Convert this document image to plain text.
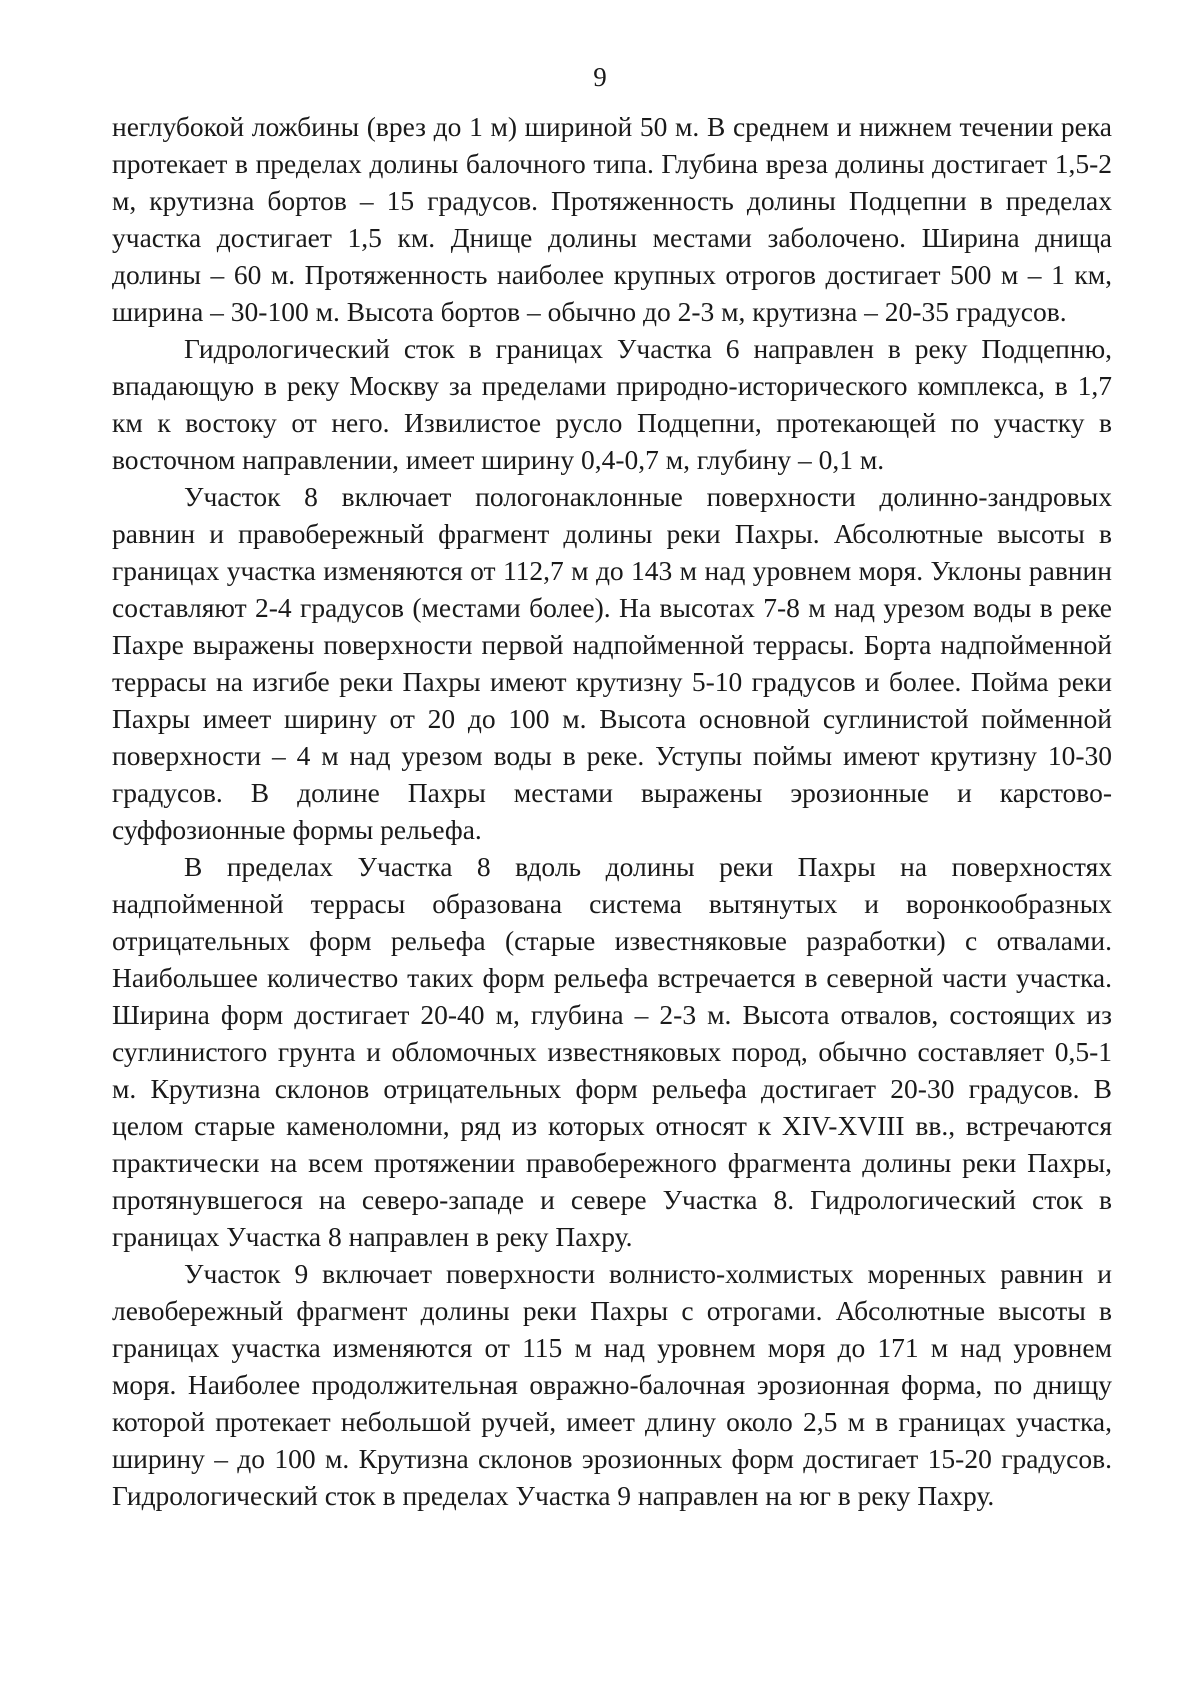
9

неглубокой ложбины (врез до 1 м) шириной 50 м. В среднем и нижнем течении река протекает в пределах долины балочного типа. Глубина вреза долины достигает 1,5-2 м, крутизна бортов – 15 градусов. Протяженность долины Подцепни в пределах участка достигает 1,5 км. Днище долины местами заболочено. Ширина днища долины – 60 м. Протяженность наиболее крупных отрогов достигает 500 м – 1 км, ширина – 30-100 м. Высота бортов – обычно до 2-3 м, крутизна – 20-35 градусов.

Гидрологический сток в границах Участка 6 направлен в реку Подцепню, впадающую в реку Москву за пределами природно-исторического комплекса, в 1,7 км к востоку от него. Извилистое русло Подцепни, протекающей по участку в восточном направлении, имеет ширину 0,4-0,7 м, глубину – 0,1 м.

Участок 8 включает пологонаклонные поверхности долинно-зандровых равнин и правобережный фрагмент долины реки Пахры. Абсолютные высоты в границах участка изменяются от 112,7 м до 143 м над уровнем моря. Уклоны равнин составляют 2-4 градусов (местами более). На высотах 7-8 м над урезом воды в реке Пахре выражены поверхности первой надпойменной террасы. Борта надпойменной террасы на изгибе реки Пахры имеют крутизну 5-10 градусов и более. Пойма реки Пахры имеет ширину от 20 до 100 м. Высота основной суглинистой пойменной поверхности – 4 м над урезом воды в реке. Уступы поймы имеют крутизну 10-30 градусов. В долине Пахры местами выражены эрозионные и карстово-суффозионные формы рельефа.

В пределах Участка 8 вдоль долины реки Пахры на поверхностях надпойменной террасы образована система вытянутых и воронкообразных отрицательных форм рельефа (старые известняковые разработки) с отвалами. Наибольшее количество таких форм рельефа встречается в северной части участка. Ширина форм достигает 20-40 м, глубина – 2-3 м. Высота отвалов, состоящих из суглинистого грунта и обломочных известняковых пород, обычно составляет 0,5-1 м. Крутизна склонов отрицательных форм рельефа достигает 20-30 градусов. В целом старые каменоломни, ряд из которых относят к XIV-XVIII вв., встречаются практически на всем протяжении правобережного фрагмента долины реки Пахры, протянувшегося на северо-западе и севере Участка 8. Гидрологический сток в границах Участка 8 направлен в реку Пахру.

Участок 9 включает поверхности волнисто-холмистых моренных равнин и левобережный фрагмент долины реки Пахры с отрогами. Абсолютные высоты в границах участка изменяются от 115 м над уровнем моря до 171 м над уровнем моря. Наиболее продолжительная овражно-балочная эрозионная форма, по днищу которой протекает небольшой ручей, имеет длину около 2,5 м в границах участка, ширину – до 100 м. Крутизна склонов эрозионных форм достигает 15-20 градусов. Гидрологический сток в пределах Участка 9 направлен на юг в реку Пахру.
